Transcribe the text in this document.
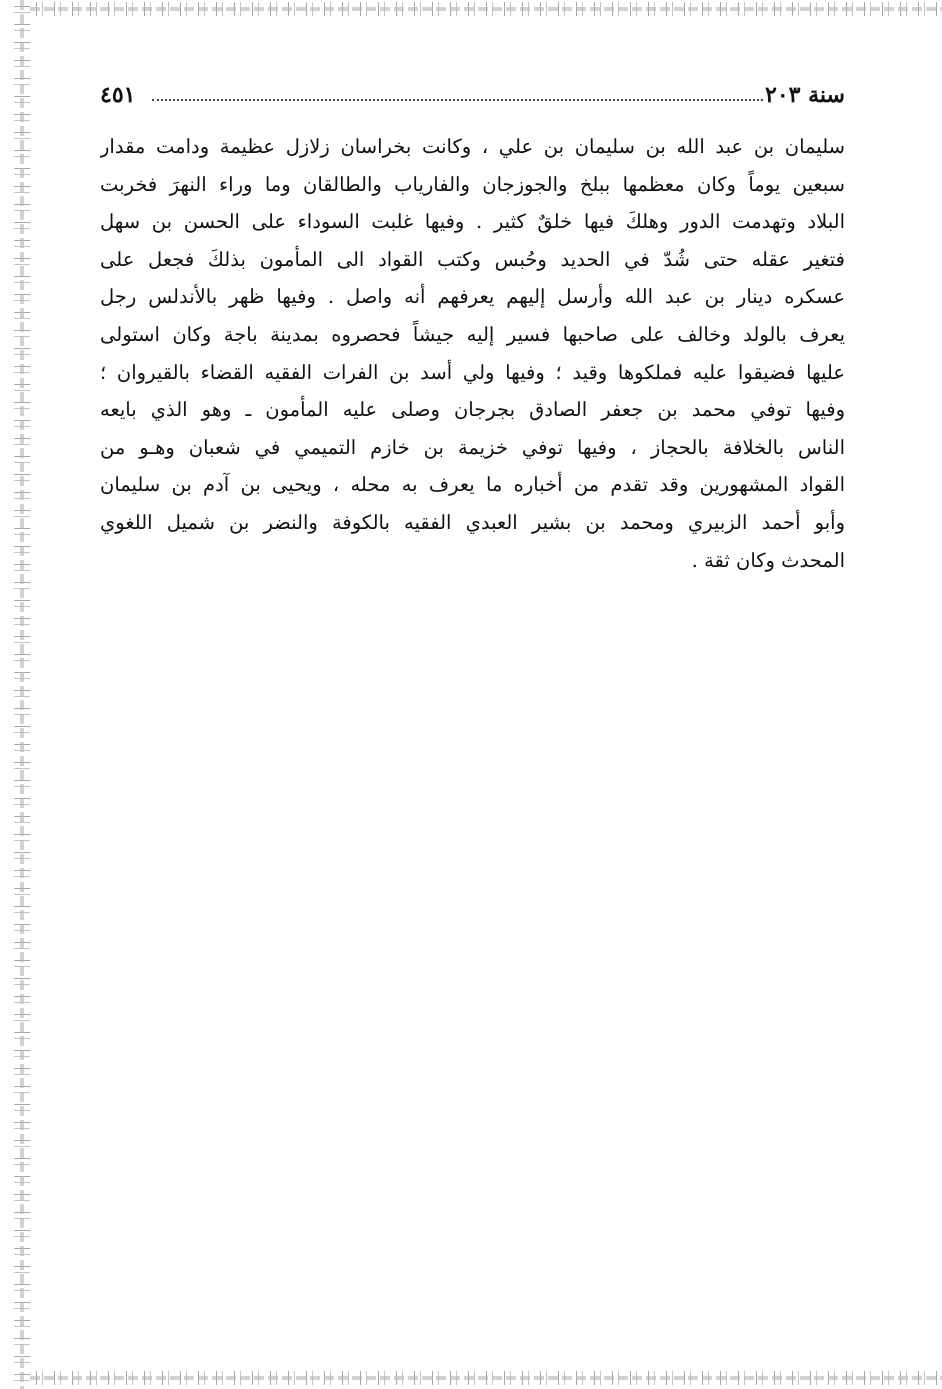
سنة ٢٠٣
٤٥١
سليمان بن عبد الله بن سليمان بن علي ، وكانت بخراسان زلازل عظيمة ودامت مقدار
سبعين يوماً وكان معظمها ببلخ والجوزجان والفارياب والطالقان وما وراء النهرَ فخربت
البلاد وتهدمت الدور وهلكَ فيها خلقٌ كثير . وفيها غلبت السوداء على الحسن بن سهل
فتغير عقله حتى شُدّ في الحديد وحُبس وكتب القواد الى المأمون بذلكَ فجعل على
عسكره دينار بن عبد الله وأرسل إليهم يعرفهم أنه واصل . وفيها ظهر بالأندلس رجل
يعرف بالولد وخالف على صاحبها فسير إليه جيشاً فحصروه بمدينة باجة وكان استولى
عليها فضيقوا عليه فملكوها وقيد ؛ وفيها ولي أسد بن الفرات الفقيه القضاء بالقيروان ؛
وفيها توفي محمد بن جعفر الصادق بجرجان وصلى عليه المأمون ـ وهو الذي بايعه
الناس بالخلافة بالحجاز ، وفيها توفي خزيمة بن خازم التميمي في شعبان وهـو من
القواد المشهورين وقد تقدم من أخباره ما يعرف به محله ، ويحيى بن آدم بن سليمان
وأبو أحمد الزبيري ومحمد بن بشير العبدي الفقيه بالكوفة والنضر بن شميل اللغوي
المحدث وكان ثقة .
